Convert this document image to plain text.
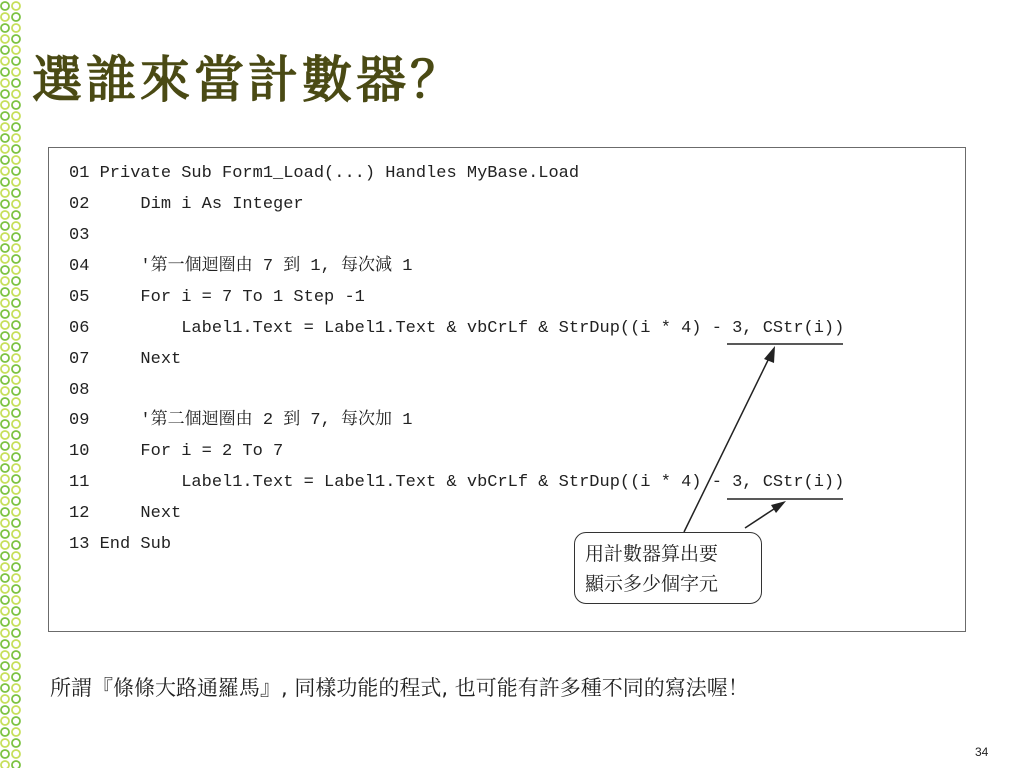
選誰來當計數器？
01 Private Sub Form1_Load(...) Handles MyBase.Load
02     Dim i As Integer
03
04     '第一個迴圈由 7 到 1, 每次減 1
05     For i = 7 To 1 Step -1
06         Label1.Text = Label1.Text & vbCrLf & StrDup((i * 4) - 3, CStr(i))
07     Next
08
09     '第二個迴圈由 2 到 7, 每次加 1
10     For i = 2 To 7
11         Label1.Text = Label1.Text & vbCrLf & StrDup((i * 4) - 3, CStr(i))
12     Next
13 End Sub	用計數器算出要
顯示多少個字元
所謂『條條大路通羅馬』, 同樣功能的程式, 也可能有許多種不同的寫法喔！
34
